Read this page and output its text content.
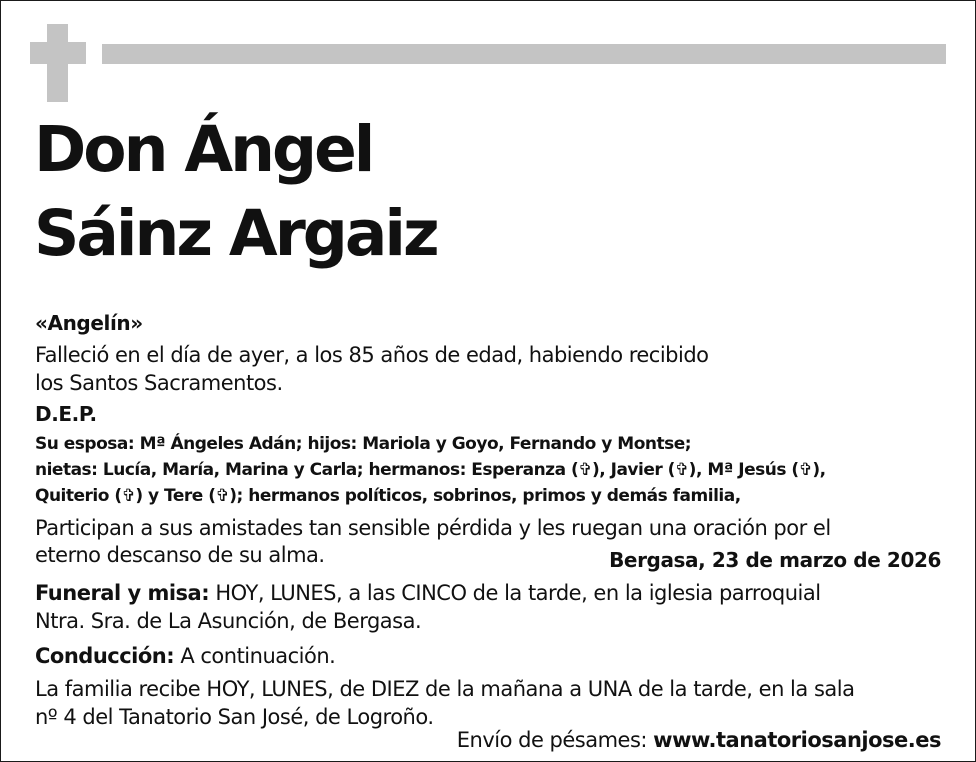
Don Ángel
Sáinz Argaiz

«Angelín»

Falleció en el día de ayer, a los 85 años de edad, habiendo recibido

los Santos Sacramentos.

D.E.P.

Su esposa: Mª Ángeles Adán; hijos: Mariola y Goyo, Fernando y Montse;

nietas: Lucía, María, Marina y Carla; hermanos: Esperanza (✞), Javier (✞), Mª Jesús (✞),

Quiterio (✞) y Tere (✞); hermanos políticos, sobrinos, primos y demás familia,

Participan a sus amistades tan sensible pérdida y les ruegan una oración por el

eterno descanso de su alma.	Bergasa, 23 de marzo de 2026

Funeral y misa: HOY, LUNES, a las CINCO de la tarde, en la iglesia parroquial

Ntra. Sra. de La Asunción, de Bergasa.

Conducción: A continuación.

La familia recibe HOY, LUNES, de DIEZ de la mañana a UNA de la tarde, en la sala

nº 4 del Tanatorio San José, de Logroño.

Envío de pésames: www.tanatoriosanjose.es
